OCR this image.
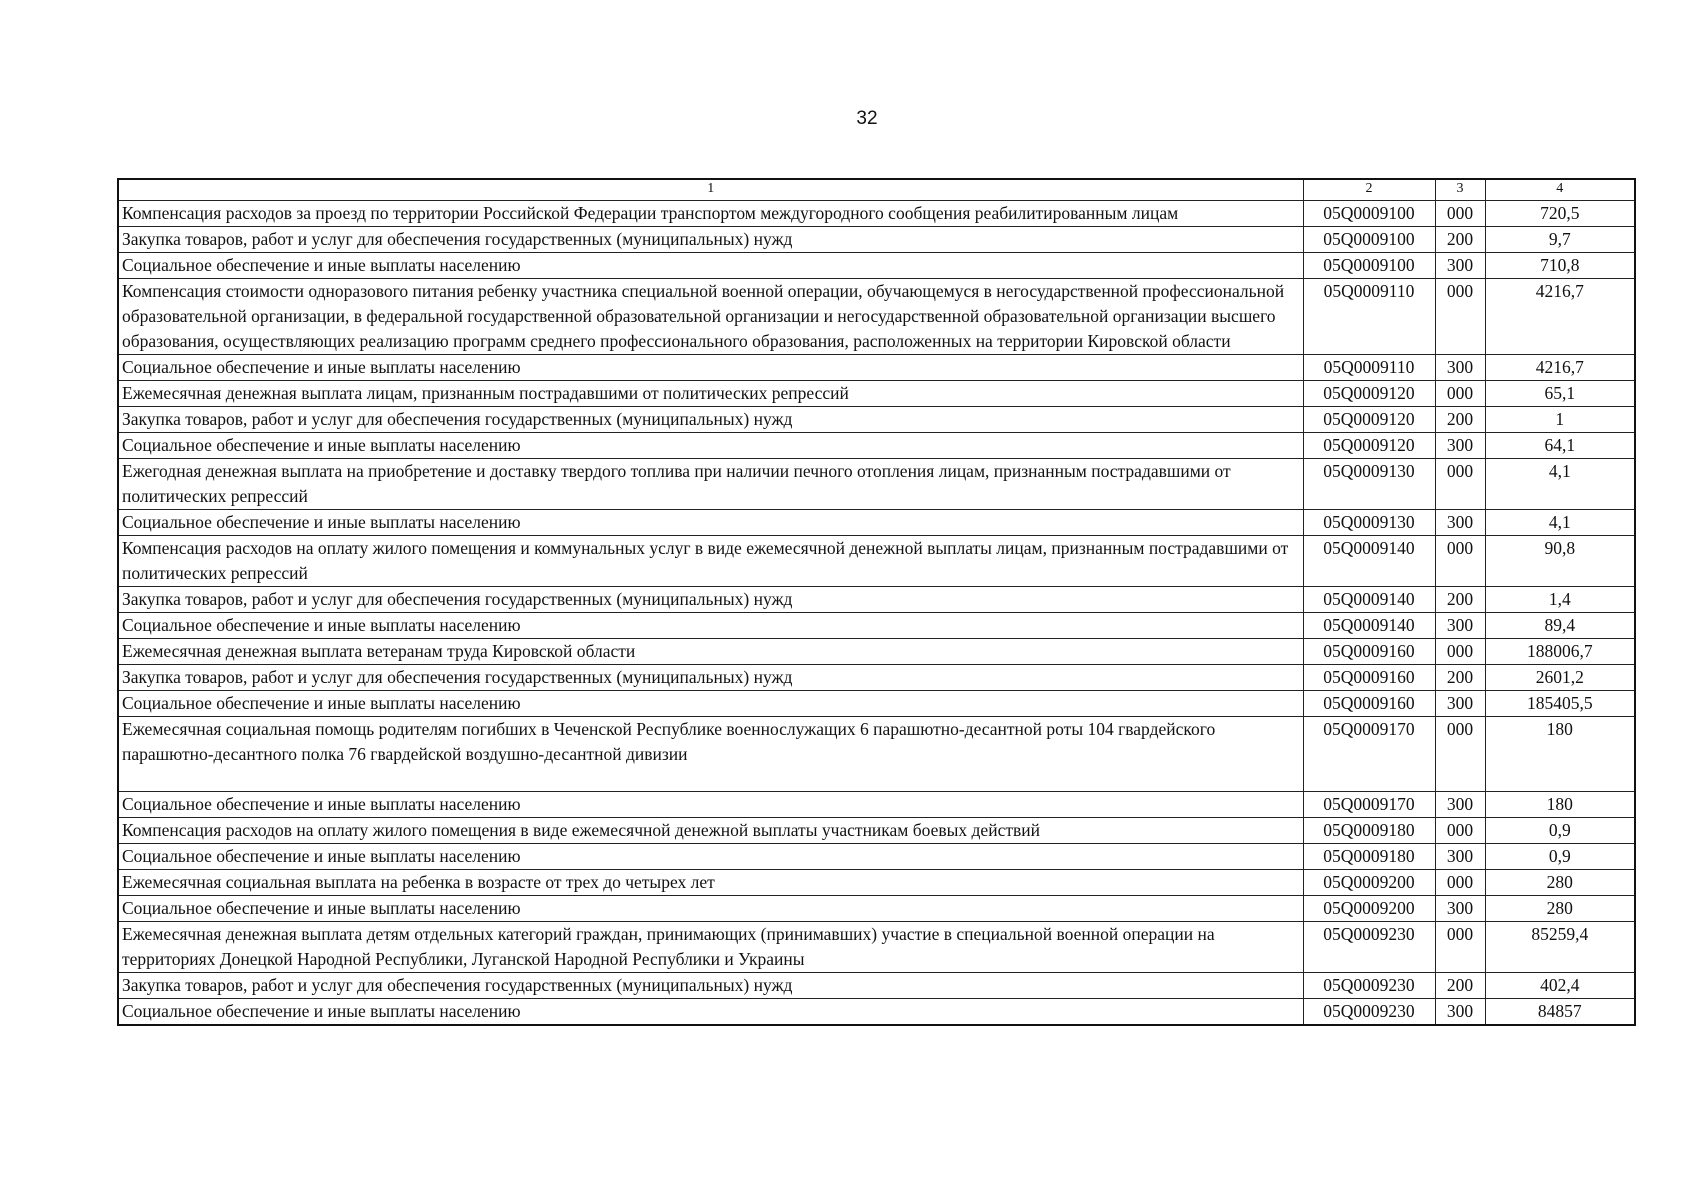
32
1	2	3	4
Компенсация расходов за проезд по территории Российской Федерации транспортом междугородного сообщения реабилитированным лицам	05Q0009100	000	720,5
Закупка товаров, работ и услуг для обеспечения государственных (муниципальных) нужд	05Q0009100	200	9,7
Социальное обеспечение и иные выплаты населению	05Q0009100	300	710,8
Компенсация стоимости одноразового питания ребенку участника специальной военной операции, обучающемуся в негосударственной профессиональной образовательной организации, в федеральной государственной образовательной организации и негосударственной образовательной организации высшего образования, осуществляющих реализацию программ среднего профессионального образования, расположенных на территории Кировской области	05Q0009110	000	4216,7
Социальное обеспечение и иные выплаты населению	05Q0009110	300	4216,7
Ежемесячная денежная выплата лицам, признанным пострадавшими от политических репрессий	05Q0009120	000	65,1
Закупка товаров, работ и услуг для обеспечения государственных (муниципальных) нужд	05Q0009120	200	1
Социальное обеспечение и иные выплаты населению	05Q0009120	300	64,1
Ежегодная денежная выплата на приобретение и доставку твердого топлива при наличии печного отопления лицам, признанным пострадавшими от политических репрессий	05Q0009130	000	4,1
Социальное обеспечение и иные выплаты населению	05Q0009130	300	4,1
Компенсация расходов на оплату жилого помещения и коммунальных услуг в виде ежемесячной денежной выплаты лицам, признанным пострадавшими от политических репрессий	05Q0009140	000	90,8
Закупка товаров, работ и услуг для обеспечения государственных (муниципальных) нужд	05Q0009140	200	1,4
Социальное обеспечение и иные выплаты населению	05Q0009140	300	89,4
Ежемесячная денежная выплата ветеранам труда Кировской области	05Q0009160	000	188006,7
Закупка товаров, работ и услуг для обеспечения государственных (муниципальных) нужд	05Q0009160	200	2601,2
Социальное обеспечение и иные выплаты населению	05Q0009160	300	185405,5
Ежемесячная социальная помощь родителям погибших в Чеченской Республике военнослужащих 6 парашютно-десантной роты 104 гвардейского парашютно-десантного полка 76 гвардейской воздушно-десантной дивизии	05Q0009170	000	180
Социальное обеспечение и иные выплаты населению	05Q0009170	300	180
Компенсация расходов на оплату жилого помещения в виде ежемесячной денежной выплаты участникам боевых действий	05Q0009180	000	0,9
Социальное обеспечение и иные выплаты населению	05Q0009180	300	0,9
Ежемесячная социальная выплата на ребенка в возрасте от трех до четырех лет	05Q0009200	000	280
Социальное обеспечение и иные выплаты населению	05Q0009200	300	280
Ежемесячная денежная выплата детям отдельных категорий граждан, принимающих (принимавших) участие в специальной военной операции на территориях Донецкой Народной Республики, Луганской Народной Республики и Украины	05Q0009230	000	85259,4
Закупка товаров, работ и услуг для обеспечения государственных (муниципальных) нужд	05Q0009230	200	402,4
Социальное обеспечение и иные выплаты населению	05Q0009230	300	84857
